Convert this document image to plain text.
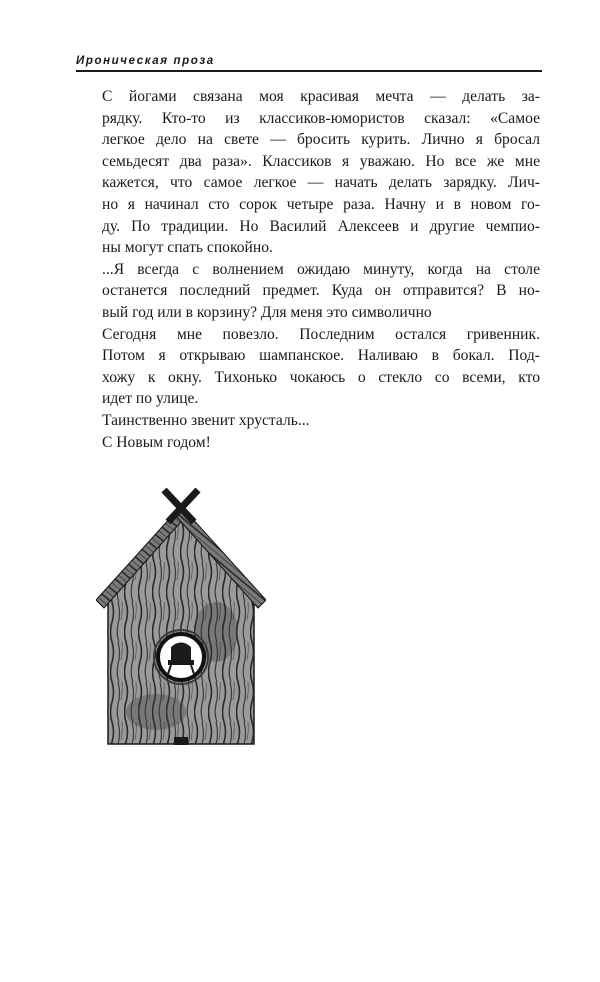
Ироническая проза

С йогами связана моя красивая мечта — делать за-
рядку. Кто-то из классиков-юмористов сказал: «Самое
легкое дело на свете — бросить курить. Лично я бросал
семьдесят два раза». Классиков я уважаю. Но все же мне
кажется, что самое легкое — начать делать зарядку. Лич-
но я начинал сто сорок четыре раза. Начну и в новом го-
ду. По традиции. Но Василий Алексеев и другие чемпио-
ны могут спать спокойно.

...Я всегда с волнением ожидаю минуту, когда на столе
останется последний предмет. Куда он отправится? В но-
вый год или в корзину? Для меня это символично

Сегодня мне повезло. Последним остался гривенник.
Потом я открываю шампанское. Наливаю в бокал. Под-
хожу к окну. Тихонько чокаюсь о стекло со всеми, кто
идет по улице.

Таинственно звенит хрусталь...

С Новым годом!
